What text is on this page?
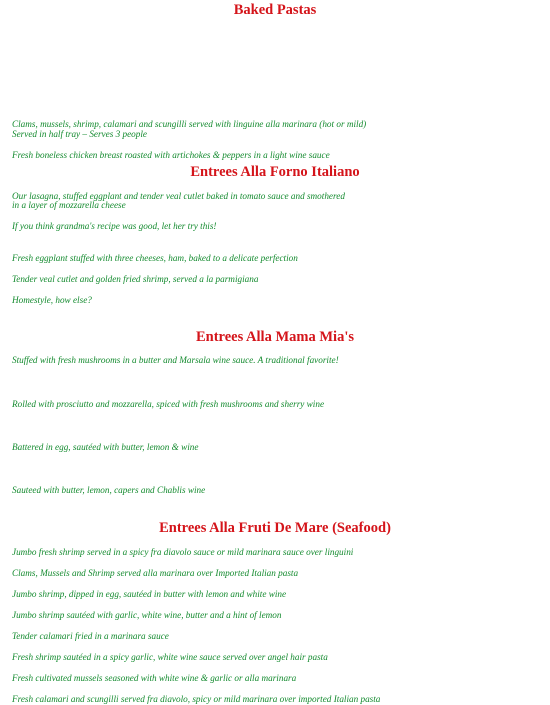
Baked Pastas
Clams, mussels, shrimp, calamari and scungilli served with linguine alla marinara (hot or mild)
Served in half tray – Serves 3 people
Fresh boneless chicken breast roasted with artichokes & peppers in a light wine sauce
Entrees Alla Forno Italiano
Our lasagna, stuffed eggplant and tender veal cutlet baked in tomato sauce and smothered
in a layer of mozzarella cheese
If you think grandma's recipe was good, let her try this!
Fresh eggplant stuffed with three cheeses, ham, baked to a delicate perfection
Tender veal cutlet and golden fried shrimp, served a la parmigiana
Homestyle, how else?
Entrees Alla Mama Mia's
Stuffed with fresh mushrooms in a butter and Marsala wine sauce. A traditional favorite!
Rolled with prosciutto and mozzarella, spiced with fresh mushrooms and sherry wine
Battered in egg, sautéed with butter, lemon & wine
Sauteed with butter, lemon, capers and Chablis wine
Entrees Alla Fruti De Mare (Seafood)
Jumbo fresh shrimp served in a spicy fra diavolo sauce or mild marinara sauce over linguini
Clams, Mussels and Shrimp served alla marinara over Imported Italian pasta
Jumbo shrimp, dipped in egg, sautéed in butter with lemon and white wine
Jumbo shrimp sautéed with garlic, white wine, butter and a hint of lemon
Tender calamari fried in a marinara sauce
Fresh shrimp sautéed in a spicy garlic, white wine sauce served over angel hair pasta
Fresh cultivated mussels seasoned with white wine & garlic or alla marinara
Fresh calamari and scungilli served fra diavolo, spicy or mild marinara over imported Italian pasta
